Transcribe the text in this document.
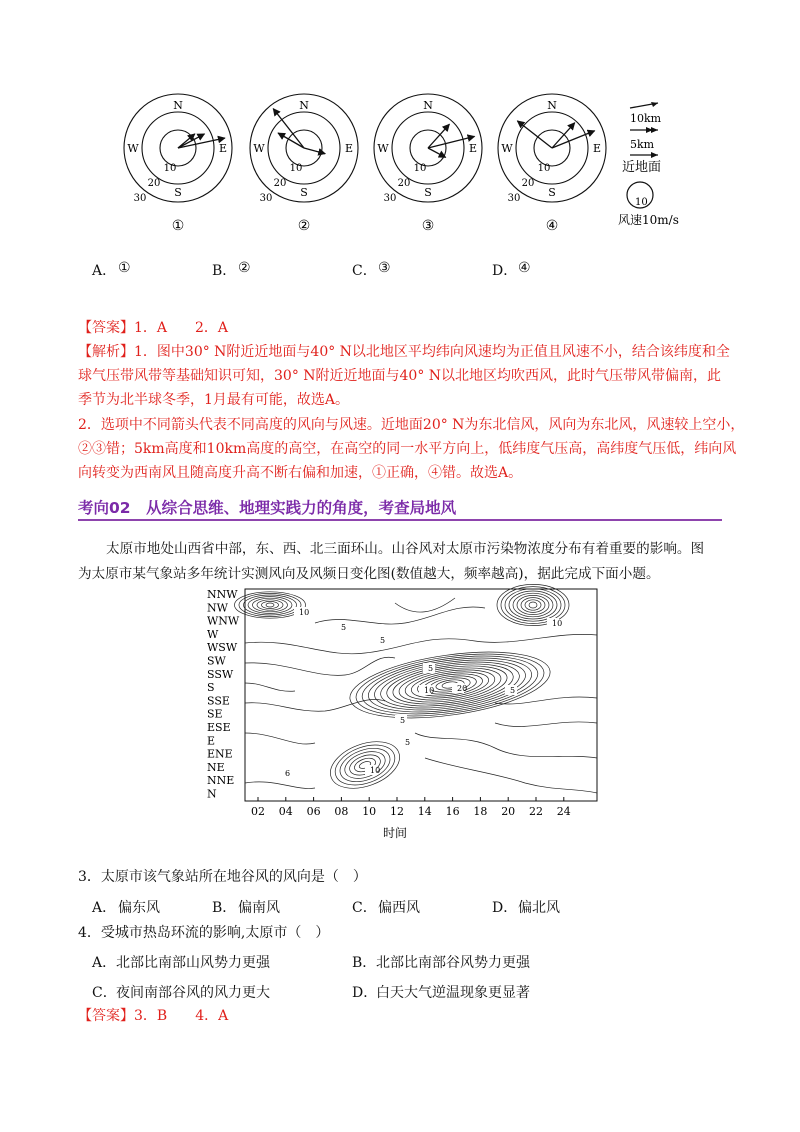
N
S
E
W
10
20
30
①
N
S
E
W
10
20
30
②
N
S
E
W
10
20
30
③
N
S
E
W
10
20
30
④
10km
5km
近地面
10
风速10m/s
A． ①	B． ②	C． ③	D． ④
【答案】1．A　　2．A
【解析】1．图中30° N附近近地面与40° N以北地区平均纬向风速均为正值且风速不小，结合该纬度和全
球气压带风带等基础知识可知，30° N附近近地面与40° N以北地区均吹西风，此时气压带风带偏南，此
季节为北半球冬季，1月最有可能，故选A。
2．选项中不同箭头代表不同高度的风向与风速。近地面20° N为东北信风，风向为东北风，风速较上空小，
②③错；5km高度和10km高度的高空，在高空的同一水平方向上，低纬度气压高，高纬度气压低，纬向风
向转变为西南风且随高度升高不断右偏和加速，①正确，④错。故选A。
考向02　从综合思维、地理实践力的角度，考查局地风
太原市地处山西省中部，东、西、北三面环山。山谷风对太原市污染物浓度分布有着重要的影响。图
为太原市某气象站多年统计实测风向及风频日变化图(数值越大，频率越高)，据此完成下面小题。
10
5
5
10
5
20	5
10
5
5
10
6
NNW
NW
WNW
W
WSW
SW
SSW
S
SSE
SE
ESE
E
ENE
NE
NNE
N
02 04 06 08 10 12 14 16 18 20 22 24
时间
3．太原市该气象站所在地谷风的风向是（　）
A． 偏东风	B． 偏南风	C． 偏西风	D． 偏北风
4．受城市热岛环流的影响,太原市（　）
A． 北部比南部山风势力更强	B． 北部比南部谷风势力更强
C． 夜间南部谷风的风力更大	D．
白天大气逆温现象更显著
【答案】3．B　　4．A
